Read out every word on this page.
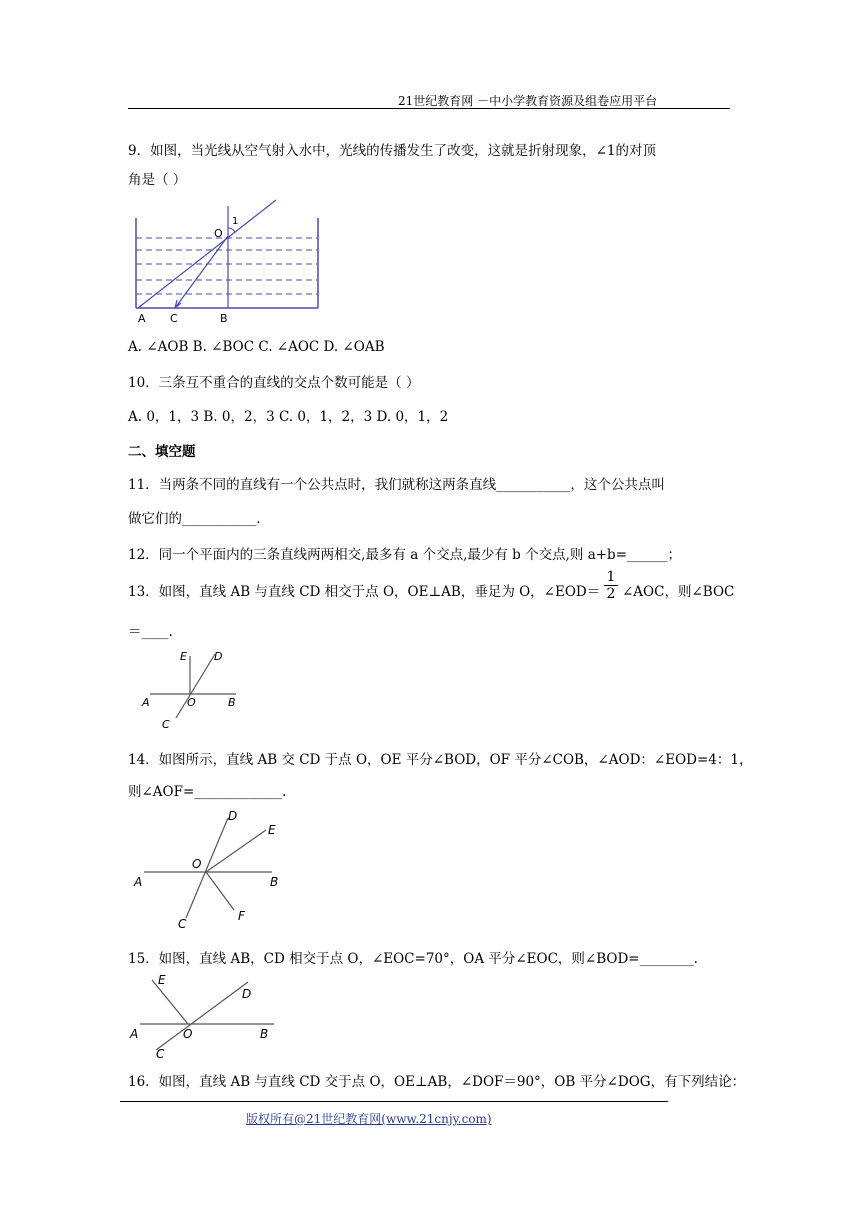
21世纪教育网 －中小学教育资源及组卷应用平台
9．如图，当光线从空气射入水中，光线的传播发生了改变，这就是折射现象，∠1的对顶
角是（ ）
O
1
A C	B
A. ∠AOB B. ∠BOC C. ∠AOC D. ∠OAB
10．三条互不重合的直线的交点个数可能是（ ）
A. 0，1，3 B. 0，2，3 C. 0，1，2，3 D. 0，1，2
二、填空题
11．当两条不同的直线有一个公共点时，我们就称这两条直线___________，这个公共点叫
做它们的___________.
12．同一个平面内的三条直线两两相交,最多有 a 个交点,最少有 b 个交点,则 a+b=______；
13．如图，直线 AB 与直线 CD 相交于点 O，OE⊥AB，垂足为 O，∠EOD＝
1
2 ∠AOC，则∠BOC
＝____.
E D
A	O	B
C
14．如图所示，直线 AB 交 CD 于点 O，OE 平分∠BOD，OF 平分∠COB，∠AOD：∠EOD=4：1，
则∠AOF=_____________.
D
E
A
O
B
C
F
15．如图，直线 AB，CD 相交于点 O，∠EOC=70°，OA 平分∠EOC，则∠BOD=________.
E
D
A	O	B
C
16．如图，直线 AB 与直线 CD 交于点 O，OE⊥AB，∠DOF＝90°，OB 平分∠DOG，有下列结论：
版权所有@21世纪教育网(www.21cnjy.com)
